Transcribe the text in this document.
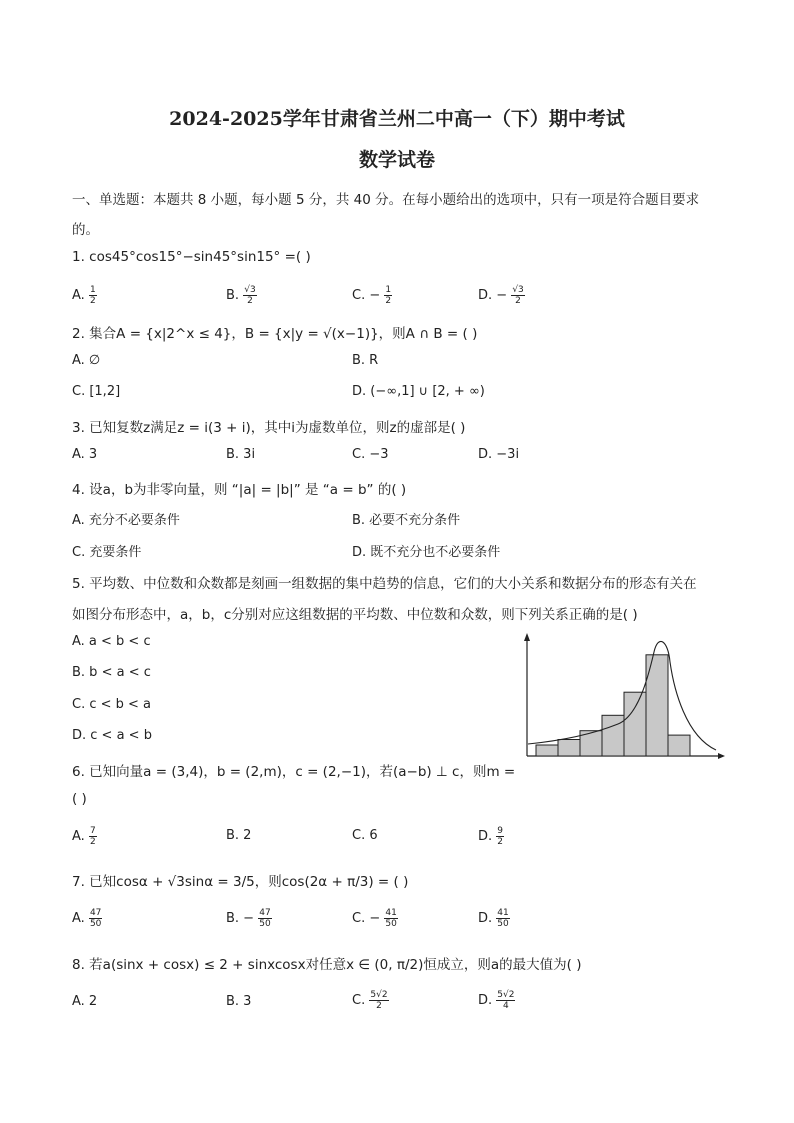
2024-2025学年甘肃省兰州二中高一（下）期中考试
数学试卷
一、单选题：本题共 8 小题，每小题 5 分，共 40 分。在每小题给出的选项中，只有一项是符合题目要求
的。
1. cos45°cos15°−sin45°sin15° =( )
A. $\frac{1}{2}$	B. $\frac{√3}{2}$	C. − $\frac{1}{2}$	D. − $\frac{√3}{2}$
2. 集合A = {x|2^x ≤ 4}，B = {x|y = √(x−1)}，则A ∩ B = ( )
A. ∅	B. R
C. [1,2]	D. (−∞,1] ∪ [2, + ∞)
3. 已知复数z满足z = i(3 + i)，其中i为虚数单位，则z的虚部是( )
A. 3	B. 3i	C. −3	D. −3i
4. 设a，b为非零向量，则 “|a| = |b|” 是 “a = b” 的( )
A. 充分不必要条件	B. 必要不充分条件
C. 充要条件	D. 既不充分也不必要条件
5. 平均数、中位数和众数都是刻画一组数据的集中趋势的信息，它们的大小关系和数据分布的形态有关在
如图分布形态中，a，b，c分别对应这组数据的平均数、中位数和众数，则下列关系正确的是( )
A. a < b < c
B. b < a < c
C. c < b < a
D. c < a < b
6. 已知向量a = (3,4)，b = (2,m)，c = (2,−1)，若(a−b) ⊥ c，则m =
( )
A. $\frac{7}{2}$	B. 2	C. 6	D. $\frac{9}{2}$
7. 已知cosα + √3sinα = 3/5，则cos(2α + π/3) = ( )
A. $\frac{47}{50}$	B. − $\frac{47}{50}$	C. − $\frac{41}{50}$	D. $\frac{41}{50}$
8. 若a(sinx + cosx) ≤ 2 + sinxcosx对任意x ∈ (0, π/2)恒成立，则a的最大值为( )
A. 2	B. 3	C. $\frac{5√2}{2}$	D. $\frac{5√2}{4}$
